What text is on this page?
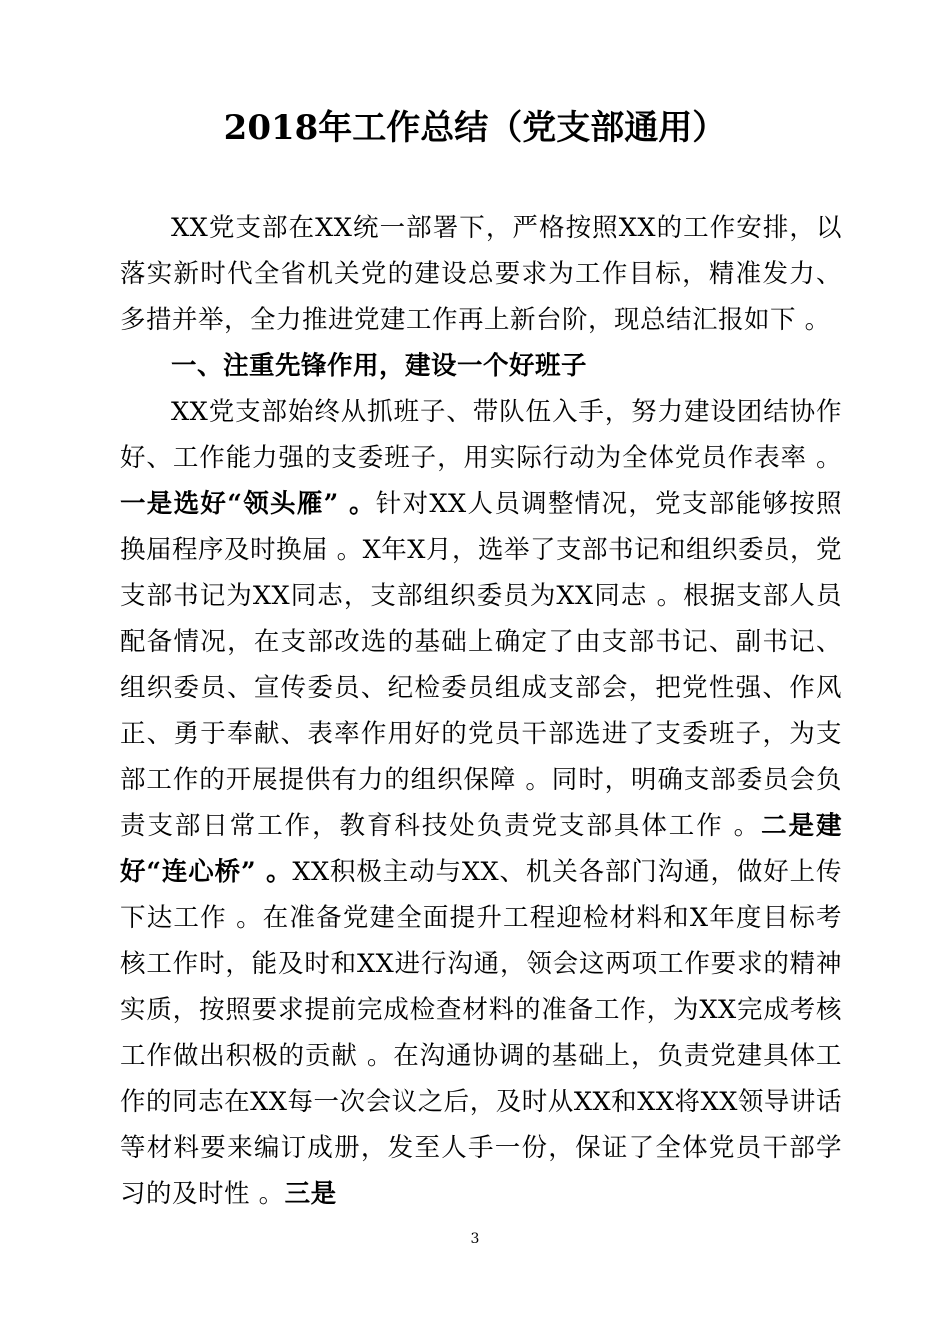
2018年工作总结（党支部通用）

XX党支部在XX统一部署下，严格按照XX的工作安排，以落实新时代全省机关党的建设总要求为工作目标，精准发力、多措并举，全力推进党建工作再上新台阶，现总结汇报如下 。

一、注重先锋作用，建设一个好班子

XX党支部始终从抓班子、带队伍入手，努力建设团结协作好、工作能力强的支委班子，用实际行动为全体党员作表率 。一是选好“领头雁” 。针对XX人员调整情况，党支部能够按照换届程序及时换届 。X年X月，选举了支部书记和组织委员，党支部书记为XX同志，支部组织委员为XX同志 。根据支部人员配备情况，在支部改选的基础上确定了由支部书记、副书记、组织委员、宣传委员、纪检委员组成支部会，把党性强、作风正、勇于奉献、表率作用好的党员干部选进了支委班子，为支部工作的开展提供有力的组织保障 。同时，明确支部委员会负责支部日常工作，教育科技处负责党支部具体工作 。二是建好“连心桥” 。XX积极主动与XX、机关各部门沟通，做好上传下达工作 。在准备党建全面提升工程迎检材料和X年度目标考核工作时，能及时和XX进行沟通，领会这两项工作要求的精神实质，按照要求提前完成检查材料的准备工作，为XX完成考核工作做出积极的贡献 。在沟通协调的基础上，负责党建具体工作的同志在XX每一次会议之后，及时从XX和XX将XX领导讲话等材料要来编订成册，发至人手一份，保证了全体党员干部学习的及时性 。三是

3
